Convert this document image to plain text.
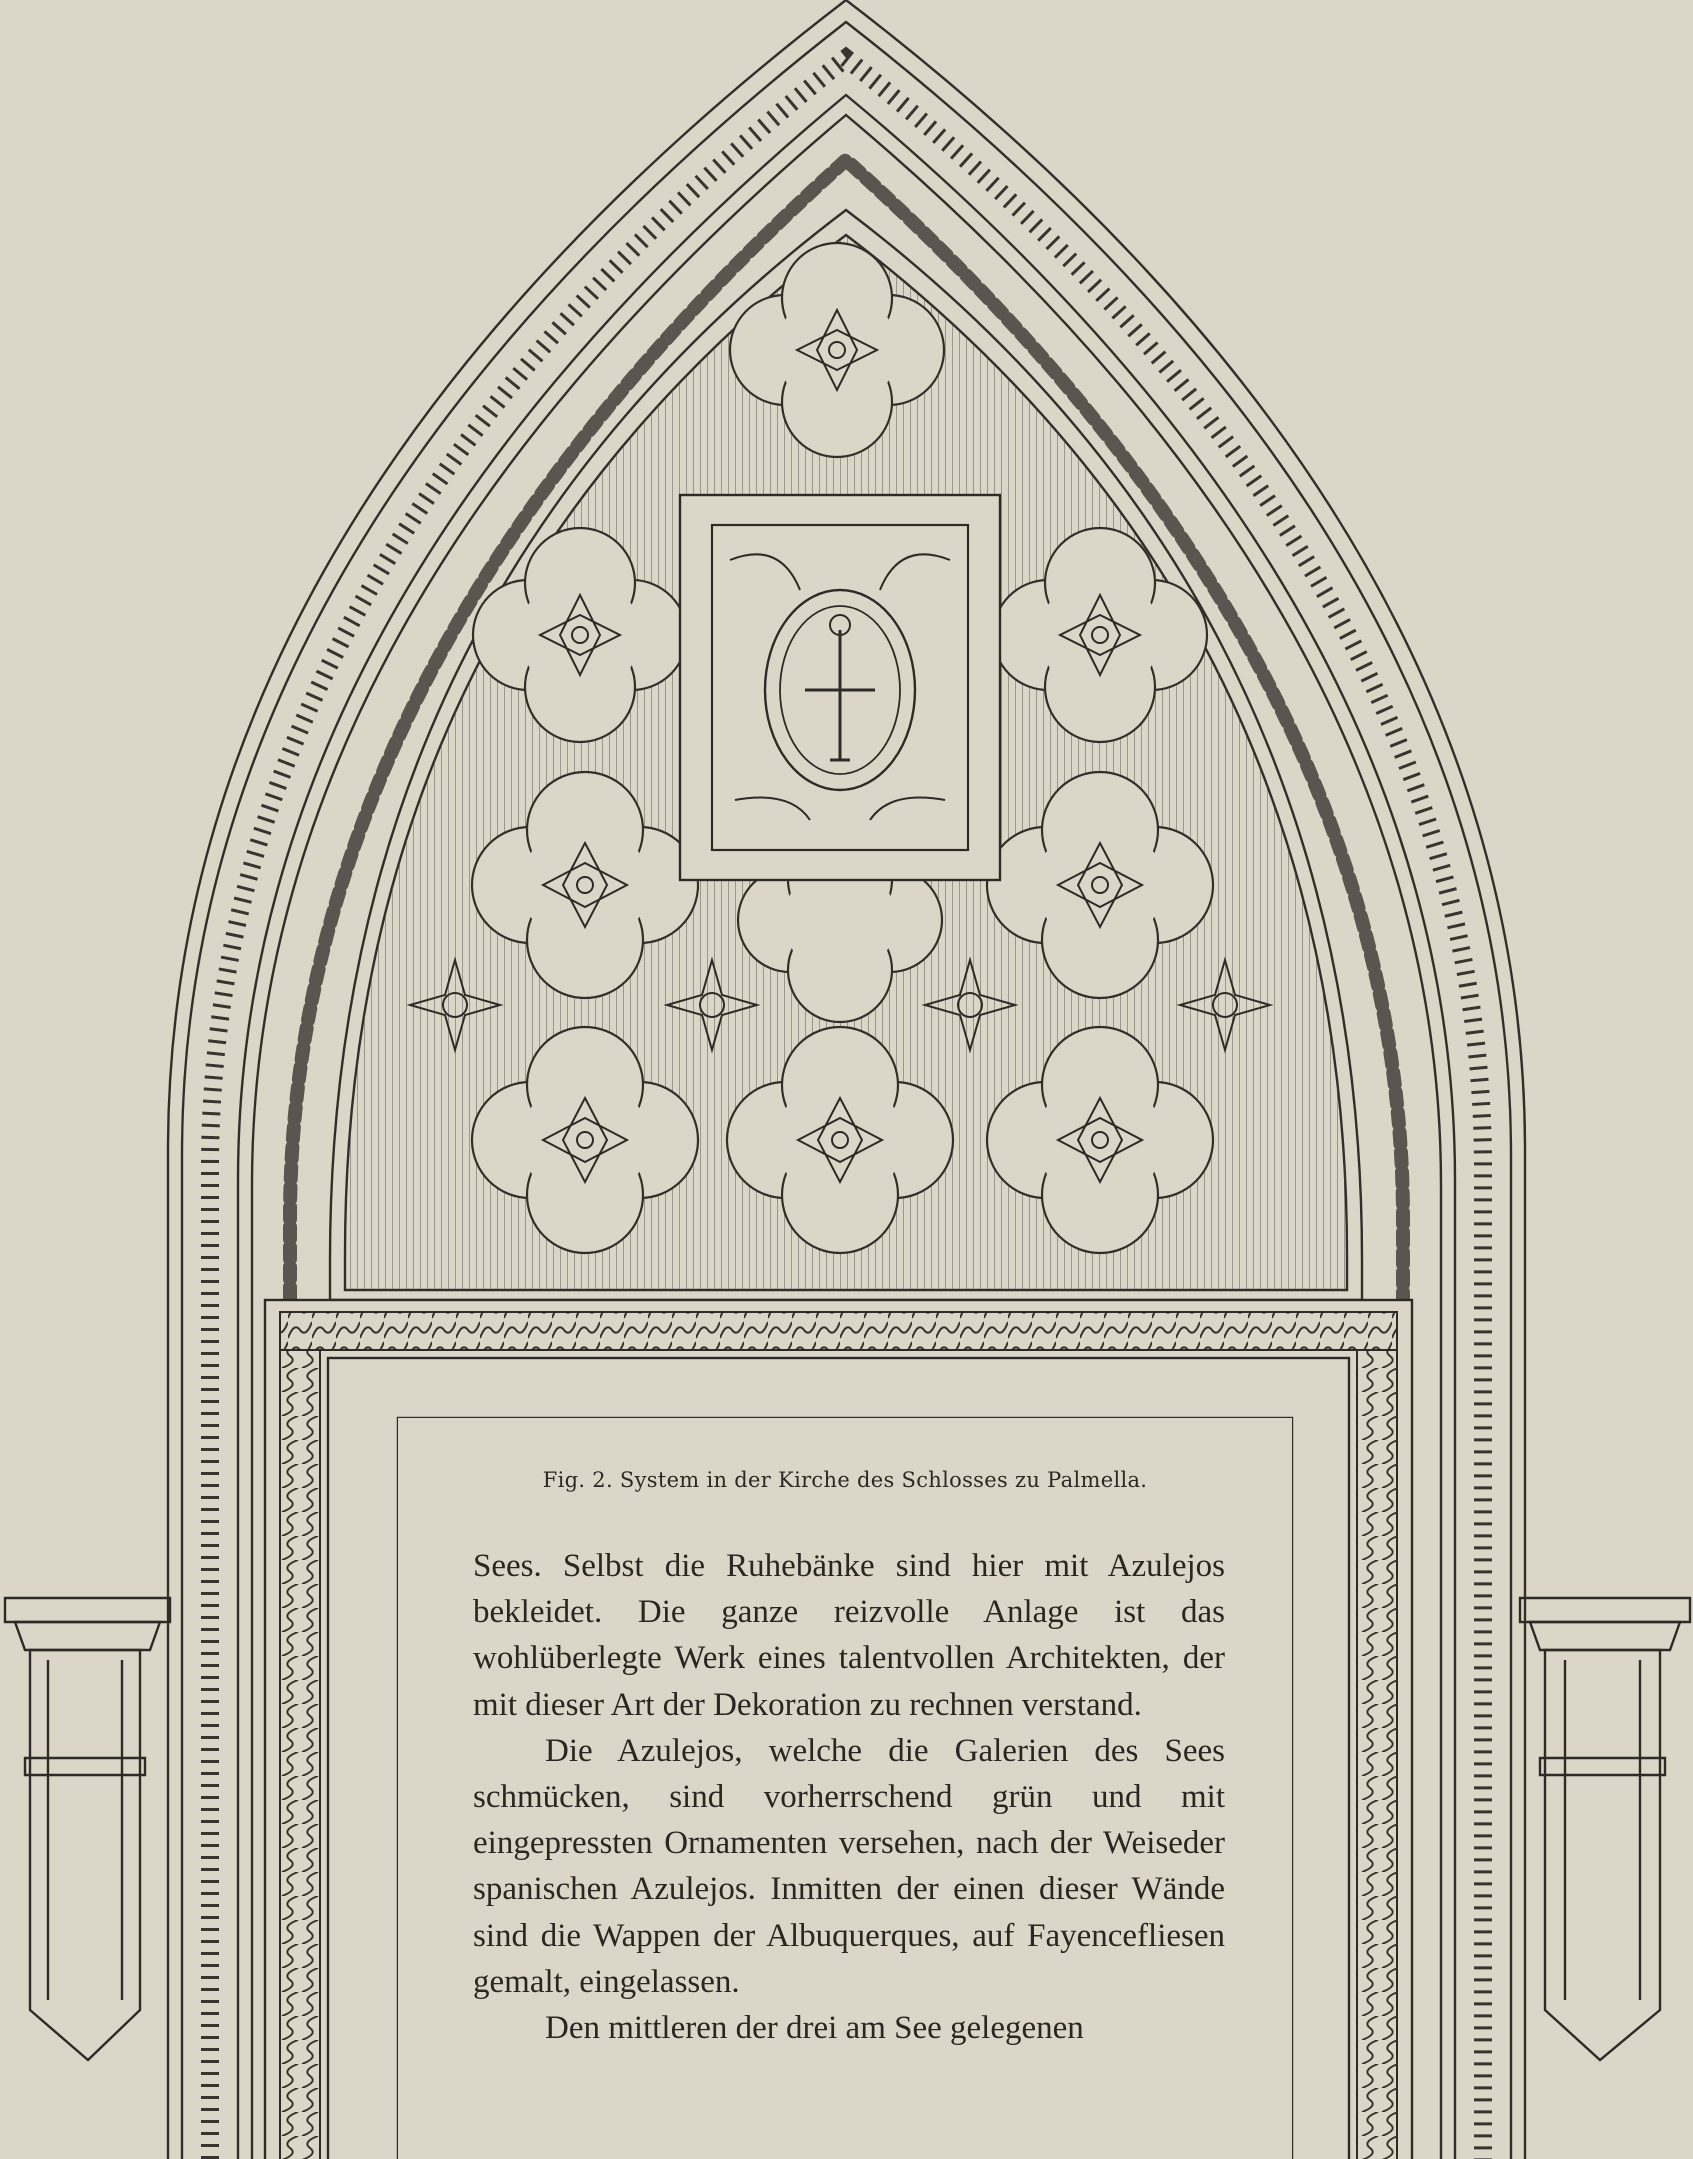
Fig. 2. System in der Kirche des Schlosses zu Palmella.

Sees. Selbst die Ruhebänke sind hier mit Azulejos bekleidet. Die ganze reizvolle Anlage ist das wohlüberlegte Werk eines talentvollen Architekten, der mit dieser Art der Dekoration zu rechnen verstand.

Die Azulejos, welche die Galerien des Sees schmücken, sind vorherrschend grün und mit eingepressten Ornamenten versehen, nach der Weiseder spanischen Azulejos. Inmitten der einen dieser Wände sind die Wappen der Albuquerques, auf Fayencefliesen gemalt, eingelassen.

Den mittleren der drei am See gelegenen
